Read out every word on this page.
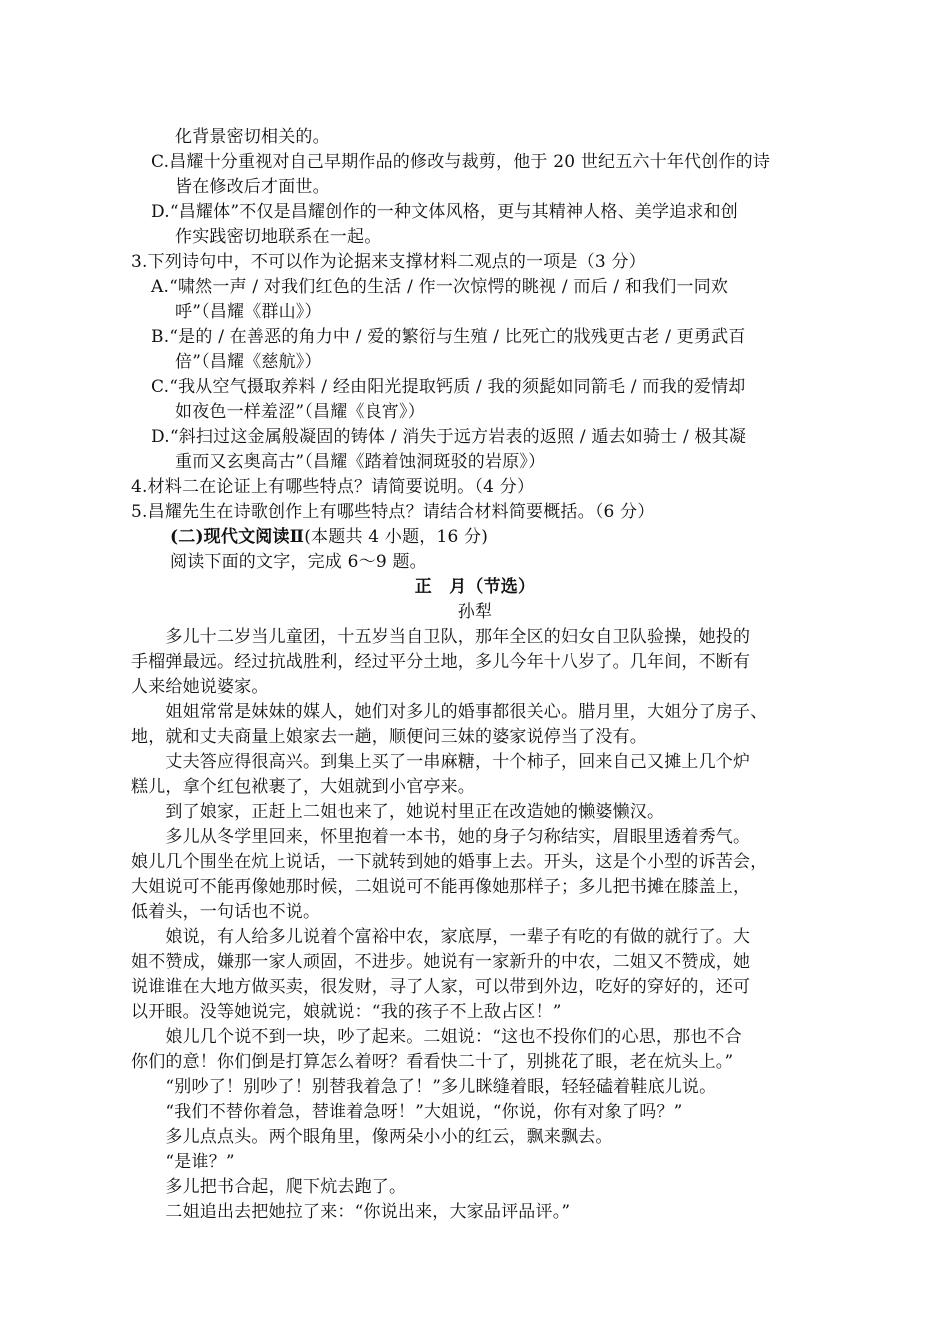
化背景密切相关的。
C.昌耀十分重视对自己早期作品的修改与裁剪，他于 20 世纪五六十年代创作的诗
皆在修改后才面世。
D.“昌耀体”不仅是昌耀创作的一种文体风格，更与其精神人格、美学追求和创
作实践密切地联系在一起。
3.下列诗句中，不可以作为论据来支撑材料二观点的一项是（3 分）
A.“啸然一声 / 对我们红色的生活 / 作一次惊愕的眺视 / 而后 / 和我们一同欢
呼”（昌耀《群山》）
B.“是的 / 在善恶的角力中 / 爱的繁衍与生殖 / 比死亡的戕残更古老 / 更勇武百
倍”（昌耀《慈航》）
C.“我从空气摄取养料 / 经由阳光提取钙质 / 我的须髭如同箭毛 / 而我的爱情却
如夜色一样羞涩”（昌耀《良宵》）
D.“斜扫过这金属般凝固的铸体 / 消失于远方岩表的返照 / 遁去如骑士 / 极其凝
重而又玄奥高古”（昌耀《踏着蚀洞斑驳的岩原》）
4.材料二在论证上有哪些特点？请简要说明。（4 分）
5.昌耀先生在诗歌创作上有哪些特点？请结合材料简要概括。（6 分）
(二)现代文阅读Ⅱ(本题共 4 小题，16 分)
阅读下面的文字，完成 6～9 题。
正　月（节选）
孙犁
　　多儿十二岁当儿童团，十五岁当自卫队，那年全区的妇女自卫队验操，她投的
手榴弹最远。经过抗战胜利，经过平分土地，多儿今年十八岁了。几年间，不断有
人来给她说婆家。
　　姐姐常常是妹妹的媒人，她们对多儿的婚事都很关心。腊月里，大姐分了房子、
地，就和丈夫商量上娘家去一趟，顺便问三妹的婆家说停当了没有。
　　丈夫答应得很高兴。到集上买了一串麻糖，十个柿子，回来自己又摊上几个炉
糕儿，拿个红包袱裹了，大姐就到小官亭来。
　　到了娘家，正赶上二姐也来了，她说村里正在改造她的懒婆懒汉。
　　多儿从冬学里回来，怀里抱着一本书，她的身子匀称结实，眉眼里透着秀气。
娘儿几个围坐在炕上说话，一下就转到她的婚事上去。开头，这是个小型的诉苦会，
大姐说可不能再像她那时候，二姐说可不能再像她那样子；多儿把书摊在膝盖上，
低着头，一句话也不说。
　　娘说，有人给多儿说着个富裕中农，家底厚，一辈子有吃的有做的就行了。大
姐不赞成，嫌那一家人顽固，不进步。她说有一家新升的中农，二姐又不赞成，她
说谁谁在大地方做买卖，很发财，寻了人家，可以带到外边，吃好的穿好的，还可
以开眼。没等她说完，娘就说：“我的孩子不上敌占区！”
　　娘儿几个说不到一块，吵了起来。二姐说：“这也不投你们的心思，那也不合
你们的意！你们倒是打算怎么着呀？看看快二十了，别挑花了眼，老在炕头上。”
　　“别吵了！别吵了！别替我着急了！”多儿眯缝着眼，轻轻磕着鞋底儿说。
　　“我们不替你着急，替谁着急呀！”大姐说，“你说，你有对象了吗？”
　　多儿点点头。两个眼角里，像两朵小小的红云，飘来飘去。
　　“是谁？”
　　多儿把书合起，爬下炕去跑了。
　　二姐追出去把她拉了来：“你说出来，大家品评品评。”
